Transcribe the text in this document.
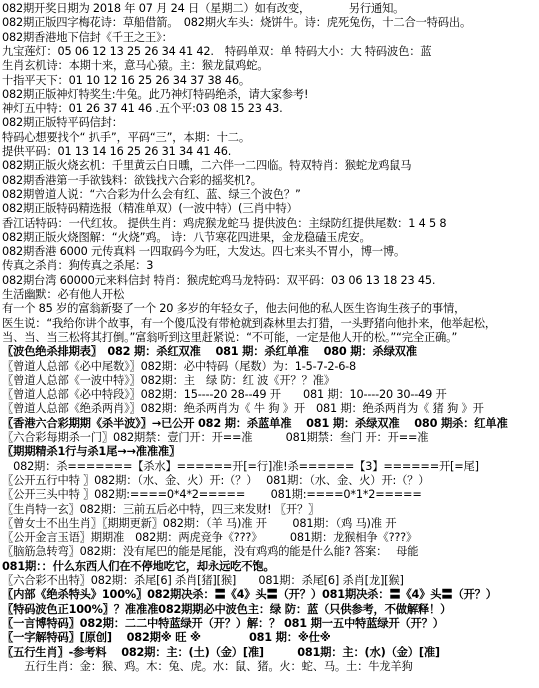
082期开奖日期为 2018 年 07 月 24 日（星期二）如有改变，　　　　另行通知。
082期正版四字梅花诗：草船借箭。　082期火车头：烧饼牛。诗：虎死兔伤，十二合一特码出。
082期香港地下信封《千王之王》：
九宝莲灯：05 06 12 13 25 26 34 41 42.　特码单双：单 特码大小：大 特码波色：蓝
生肖玄机诗：本期十来，意马心猿。主：猴龙鼠鸡蛇。
十指平天下：01 10 12 16 25 26 34 37 38 46。
082期正版神灯特奖生:牛兔。此乃神灯特码绝杀，请大家参考!
神灯五中特：01 26 37 41 46 .五个平:03 08 15 23 43.
082期正版特平码信封：
特码心想要找个“ 扒手”，平码“三”，本期：十二。
提供平码：01 13 14 16 25 26 31 34 41 46.
082期正版火烧玄机：千里黄云白日曛，二六伴一二四临。特双特肖：猴蛇龙鸡鼠马
082期香港第一手欲钱料：欲钱找六合彩的摇奖机?。
082期曾道人说：“六合彩为什么会有红、蓝、绿三个波色？”
082期正版特码精选报（精准单双）(一波中特）(三肖中特）
香江话特码：一代红妆。 提供生肖：鸡虎猴龙蛇马 提供波色：主绿防红提供尾数：1 4 5 8
082期正版火烧图解：“火烧”鸡。 诗：八节寒花四进果，金龙稳磕玉虎安。
082期香港 6000 元传真料 一四取码今为旺，大发达。四七来头不胃小，博一博。
传真之杀肖：狗传真之杀尾：3
082期台湾 60000元来料信封 特肖：猴虎蛇鸡马龙特码：双平码：03 06 13 18 23 45.
生活幽默：必有他人开松
有一个 85 岁的富翁新娶了一个 20 多岁的年轻女子，他去问他的私人医生咨询生孩子的事情，
医生说：“我给你讲个故事，有一个傻瓜没有带枪就到森林里去打猎，一头野猪向他扑来，他举起松，
当、当、当三松将其打倒。”富翁听到这里赶紧说：“不可能，一定是他人开的松。”“完全正确。”
〖波色绝杀排期表〗　082 期：杀红双准　 081 期：杀红单准　 080 期：杀绿双准
〖曾道人总部《必中尾数》〗082期：必中特码（尾数）为：1-5-7-2-6-8
〖曾道人总部《一波中特》〗082期：主　绿 防：红 波《开？？准》
〖曾道人总部《必中特段》〗082期：15----20 28--49 开　　081 期：10----20 30--49 开
〖曾道人总部《绝杀两肖》〗082期：绝杀两肖为《 牛 狗 》开　081 期：绝杀两肖为《 猪 狗 》开
〖香港六合彩期期《杀半波》〗→已公开 082 期：杀蓝单准　 081 期：杀绿双准　 080 期杀：红单准
〖六合彩每期杀一门〗082期禁：壹门开：开==准　　　081期禁：叁门 开：开==准
〖期期精杀1行与杀1尾→→准准准〗
　082期：杀=======【杀水】======开[=行]准!杀======【3】======开[=尾]
〖公开五行中特 〗082期：（水、金、火）开:（？）　 081期：（水、金、火）开:（？）
〖公开三头中特 〗082期:====0*4*2=====　　 081期:====0*1*2=====
〖生肖特一玄〗082期：三前五后必中特，四三来发财! 〖开？〗
〖曾女士不出生肖〗〖期期更新〗082期：（羊 马)准 开　　 081期：（鸡 马)准 开
〖公开金言玉语〗期期准　082期：两虎竞争《???》　　　081期：龙猴相争《???》
〖脑筋急转弯〗082期：没有尾巴的能是尾能，没有鸡鸡的能是什么能? 答案：　 母能
081期：：什么东西人们在不停地吃它，却永远吃不饱。
〖六合彩不出特〗082期：杀尾[6] 杀肖[猪][猴]　　081期：杀尾[6] 杀肖[龙][猴]
〖内部《绝杀特头》100%〗082期决杀：〓《4》头〓（开？）081期决杀：〓《4》头〓（开？）
〖特码波色正100%〗？准准准082期期必中波色主：绿 防：蓝（只供参考，不做解释！）
〖一言博特码〗082期：二二中特蓝绿开（开？）解：？ 081 期一五中特蓝绿开（开？）
〖一字解特码〗[原创]　 082期※ 旺 ※　　　　 081 期：※仕※
〖五行生肖〗-参考料　 082期：主：(土)（金）[准]　　　081期：主：(水)（金）[准]
　　五行生肖：金：猴、鸡。木：兔、虎。水：鼠、猪。火：蛇、马。土：牛龙羊狗
